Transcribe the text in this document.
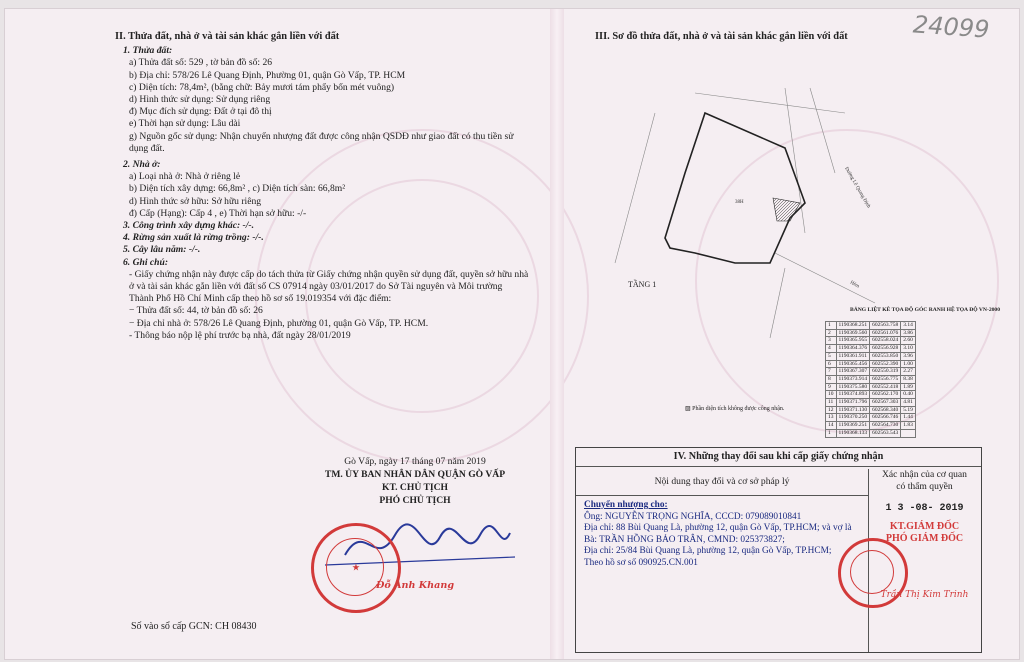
24099
II. Thửa đất, nhà ở và tài sản khác gắn liền với đất
1. Thửa đất:
a) Thửa đất số: 529 , tờ bản đồ số: 26
b) Địa chỉ: 578/26 Lê Quang Định, Phường 01, quận Gò Vấp, TP. HCM
c) Diện tích: 78,4m², (bằng chữ: Bảy mươi tám phẩy bốn mét vuông)
d) Hình thức sử dụng: Sử dụng riêng
đ) Mục đích sử dụng: Đất ở tại đô thị
e) Thời hạn sử dụng: Lâu dài
g) Nguồn gốc sử dụng: Nhận chuyển nhượng đất được công nhận QSDĐ như giao đất có thu tiền sử dụng đất.
2. Nhà ở:
a) Loại nhà ở: Nhà ở riêng lẻ
b) Diện tích xây dựng: 66,8m² , c) Diện tích sàn: 66,8m²
d) Hình thức sở hữu: Sở hữu riêng
đ) Cấp (Hạng): Cấp 4 , e) Thời hạn sở hữu: -/-
3. Công trình xây dựng khác: -/-.
4. Rừng sản xuất là rừng trồng: -/-.
5. Cây lâu năm: -/-.
6. Ghi chú:
- Giấy chứng nhận này được cấp do tách thửa từ Giấy chứng nhận quyền sử dụng đất, quyền sở hữu nhà ở và tài sản khác gắn liền với đất số CS 07914 ngày 03/01/2017 do Sở Tài nguyên và Môi trường Thành Phố Hồ Chí Minh cấp theo hồ sơ số 19.019354 với đặc điểm:
− Thửa đất số: 44, tờ bản đồ số: 26
− Địa chỉ nhà ở: 578/26 Lê Quang Định, phường 01, quận Gò Vấp, TP. HCM.
- Thông báo nộp lệ phí trước bạ nhà, đất ngày 28/01/2019
Gò Vấp, ngày 17 tháng 07 năm 2019
TM. ỦY BAN NHÂN DÂN QUẬN GÒ VẤP
KT. CHỦ TỊCH
PHÓ CHỦ TỊCH
Đỗ Anh Khang
★
Số vào sổ cấp GCN: CH 08430
III. Sơ đồ thửa đất, nhà ở và tài sản khác gắn liền với đất
38H	Đường Lê Quang Định
Hẻm
TẦNG 1
BẢNG LIỆT KÊ TỌA ĐỘ GÓC RANH HỆ TỌA ĐỘ VN-2000
1	1190368.251	602563.758	3.14
2	1190369.560	602561.076	3.86
3	1190365.955	602558.024	2.60
4	1190364.376	602556.928	3.10
5	1190361.911	602553.850	3.96
6	1190365.456	602552.390	1.00
7	1190367.307	602550.319	2.27
8	1190373.914	602556.775	8.38
9	1190375.580	602552.418	1.89
10	1190374.893	602562.170	0.40
11	1190371.796	602567.303	4.81
12	1190371.130	602568.340	5.19
13	1190370.250	602566.746	1.44
14	1190369.251	602564.730	1.83
1	1190368.133	602563.543	
▨ Phần diện tích không được công nhận.
IV. Những thay đổi sau khi cấp giấy chứng nhận
Nội dung thay đổi và cơ sở pháp lý
Chuyển nhượng cho:
Ông: NGUYỄN TRỌNG NGHĨA, CCCD: 079089010841
Địa chỉ: 88 Bùi Quang Là, phường 12, quận Gò Vấp, TP.HCM; và vợ là
Bà: TRẦN HỒNG BẢO TRÂN, CMND: 025373827;
Địa chỉ: 25/84 Bùi Quang Là, phường 12, quận Gò Vấp, TP.HCM;
Theo hồ sơ số 090925.CN.001
Xác nhận của cơ quan
có thẩm quyền
1 3 -08- 2019
KT.GIÁM ĐỐC
PHÓ GIÁM ĐỐC
Trần Thị Kim Trinh
